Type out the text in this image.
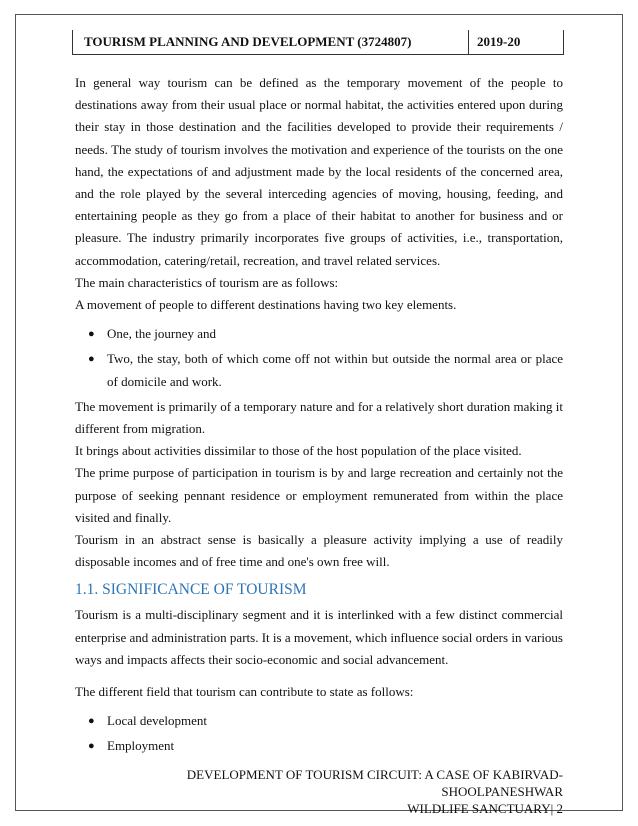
TOURISM PLANNING AND DEVELOPMENT (3724807)	2019-20

In general way tourism can be defined as the temporary movement of the people to destinations away from their usual place or normal habitat, the activities entered upon during their stay in those destination and the facilities developed to provide their requirements / needs. The study of tourism involves the motivation and experience of the tourists on the one hand, the expectations of and adjustment made by the local residents of the concerned area, and the role played by the several interceding agencies of moving, housing, feeding, and entertaining people as they go from a place of their habitat to another for business and or pleasure. The industry primarily incorporates five groups of activities, i.e., transportation, accommodation, catering/retail, recreation, and travel related services.

The main characteristics of tourism are as follows:

A movement of people to different destinations having two key elements.

● One, the journey and
● Two, the stay, both of which come off not within but outside the normal area or place of domicile and work.

The movement is primarily of a temporary nature and for a relatively short duration making it different from migration.

It brings about activities dissimilar to those of the host population of the place visited.

The prime purpose of participation in tourism is by and large recreation and certainly not the purpose of seeking pennant residence or employment remunerated from within the place visited and finally.

Tourism in an abstract sense is basically a pleasure activity implying a use of readily disposable incomes and of free time and one's own free will.

1.1. SIGNIFICANCE OF TOURISM

Tourism is a multi-disciplinary segment and it is interlinked with a few distinct commercial enterprise and administration parts. It is a movement, which influence social orders in various ways and impacts affects their socio-economic and social advancement.

The different field that tourism can contribute to state as follows:

● Local development
● Employment
DEVELOPMENT OF TOURISM CIRCUIT: A CASE OF KABIRVAD-SHOOLPANESHWAR
WILDLIFE SANCTUARY| 2
